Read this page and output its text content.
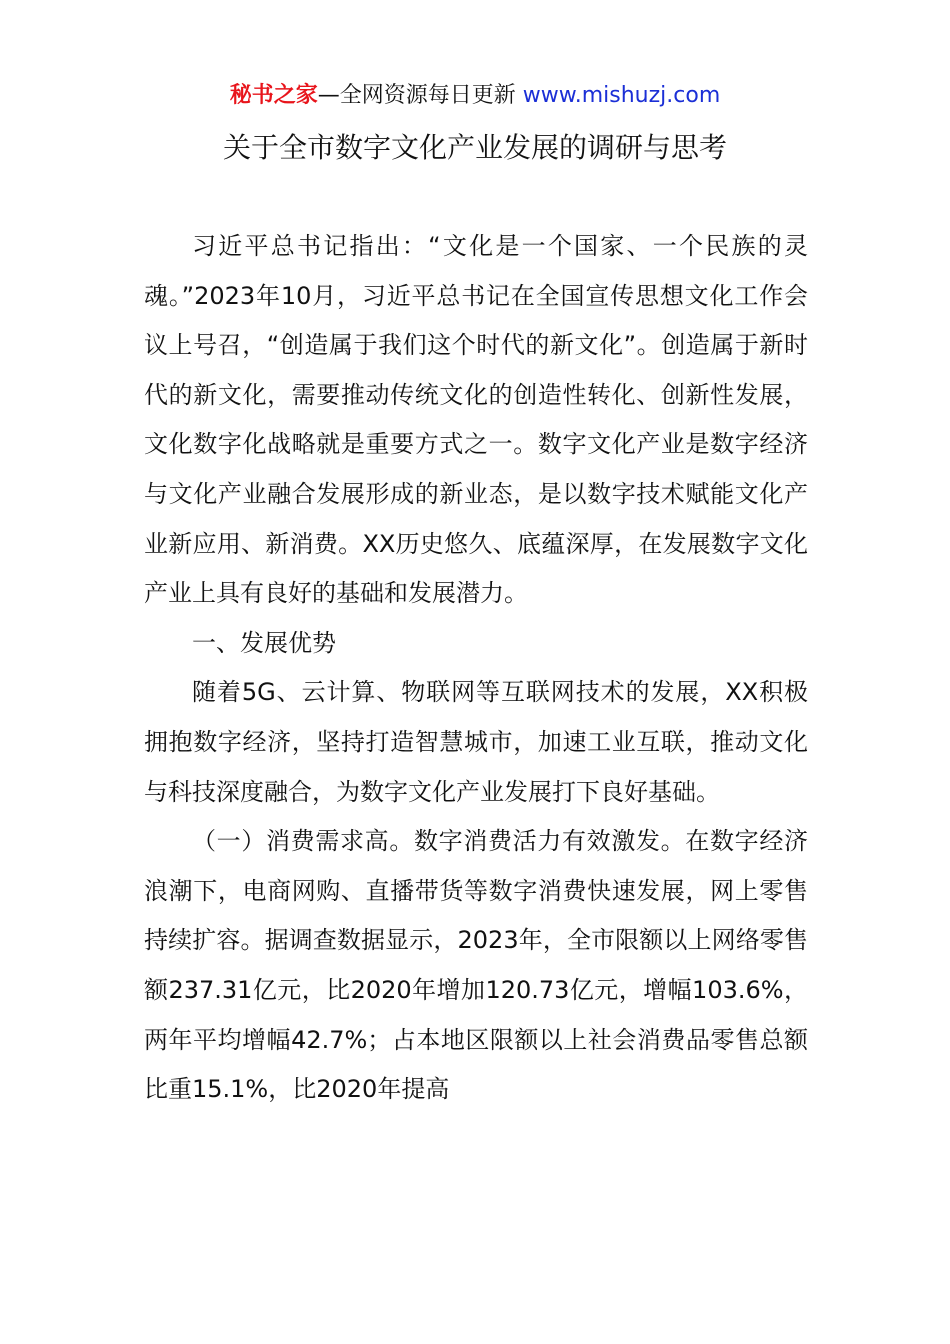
秘书之家—全网资源每日更新 www.mishuzj.com
关于全市数字文化产业发展的调研与思考

习近平总书记指出：“文化是一个国家、一个民族的灵魂。”2023年10月，习近平总书记在全国宣传思想文化工作会议上号召，“创造属于我们这个时代的新文化”。创造属于新时代的新文化，需要推动传统文化的创造性转化、创新性发展，文化数字化战略就是重要方式之一。数字文化产业是数字经济与文化产业融合发展形成的新业态，是以数字技术赋能文化产业新应用、新消费。XX历史悠久、底蕴深厚，在发展数字文化产业上具有良好的基础和发展潜力。

一、发展优势

随着5G、云计算、物联网等互联网技术的发展，XX积极拥抱数字经济，坚持打造智慧城市，加速工业互联，推动文化与科技深度融合，为数字文化产业发展打下良好基础。

（一）消费需求高。数字消费活力有效激发。在数字经济浪潮下，电商网购、直播带货等数字消费快速发展，网上零售持续扩容。据调查数据显示，2023年，全市限额以上网络零售额237.31亿元，比2020年增加120.73亿元，增幅103.6%，两年平均增幅42.7%；占本地区限额以上社会消费品零售总额比重15.1%，比2020年提高
